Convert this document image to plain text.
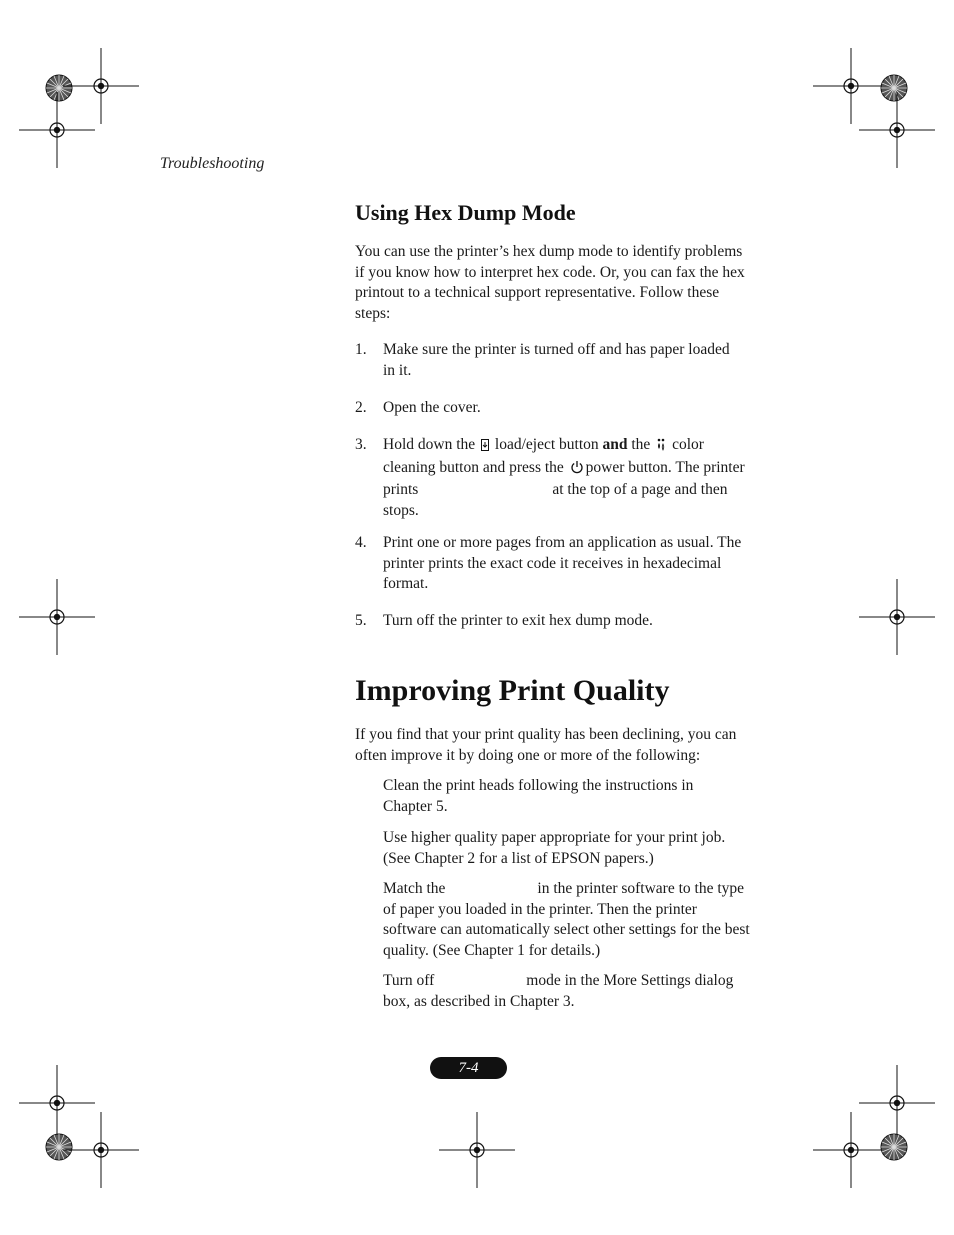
Troubleshooting
Using Hex Dump Mode
You can use the printer’s hex dump mode to identify problems
if you know how to interpret hex code. Or, you can fax the hex
printout to a technical support representative. Follow these
steps:
1. Make sure the printer is turned off and has paper loaded
in it.
2. Open the cover.
3. Hold down the load/eject button and the color
cleaning button and press the power button. The printer
prints	at the top of a page and then
stops.
4. Print one or more pages from an application as usual. The
printer prints the exact code it receives in hexadecimal
format.
5. Turn off the printer to exit hex dump mode.
Improving Print Quality
If you find that your print quality has been declining, you can
often improve it by doing one or more of the following:
Clean the print heads following the instructions in
Chapter 5.
Use higher quality paper appropriate for your print job.
(See Chapter 2 for a list of EPSON papers.)
Match the	in the printer software to the type
of paper you loaded in the printer. Then the printer
software can automatically select other settings for the best
quality. (See Chapter 1 for details.)
Turn off	mode in the More Settings dialog
box, as described in Chapter 3.
7-4
